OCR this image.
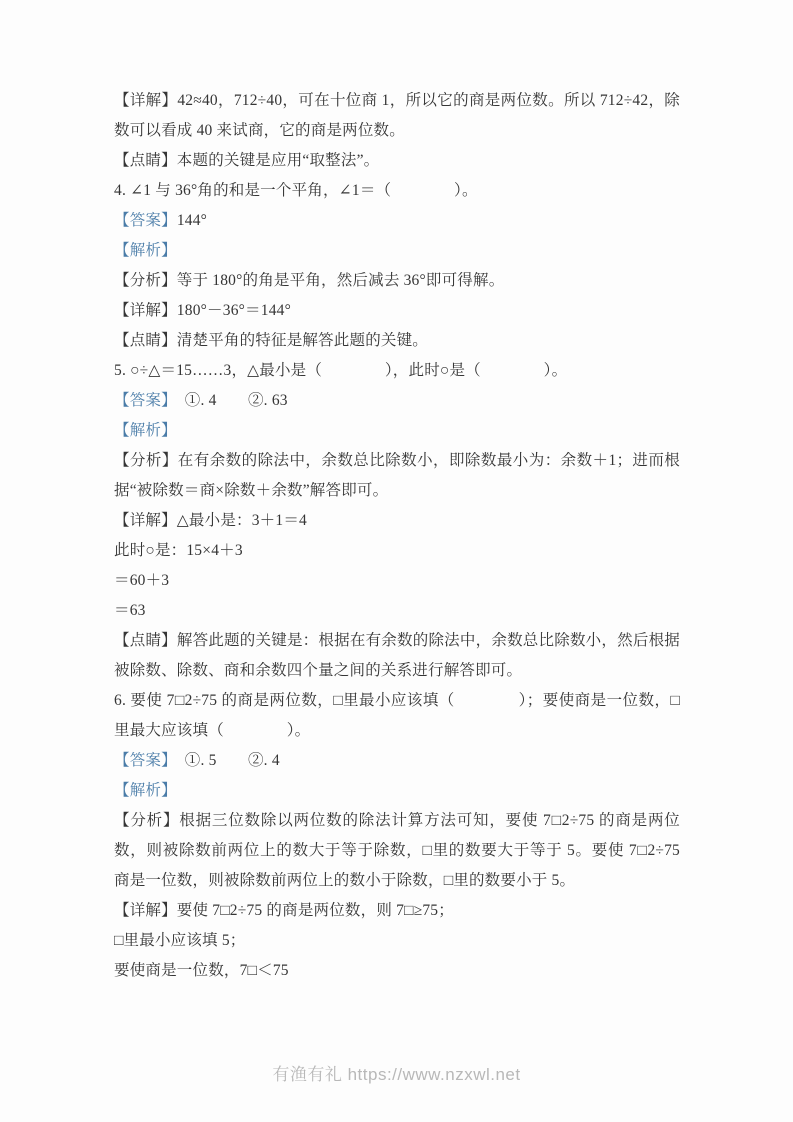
【详解】42≈40，712÷40，可在十位商 1，所以它的商是两位数。所以 712÷42，除数可以看成 40 来试商，它的商是两位数。

【点睛】本题的关键是应用“取整法”。

4. ∠1 与 36°角的和是一个平角，∠1＝（　　　　）。

【答案】144°

【解析】

【分析】等于 180°的角是平角，然后减去 36°即可得解。

【详解】180°－36°＝144°

【点睛】清楚平角的特征是解答此题的关键。

5. ○÷△＝15……3，△最小是（　　　　），此时○是（　　　　）。

【答案】　①. 4　　②. 63

【解析】

【分析】在有余数的除法中，余数总比除数小，即除数最小为：余数＋1；进而根据“被除数＝商×除数＋余数”解答即可。

【详解】△最小是：3＋1＝4

此时○是：15×4＋3

＝60＋3

＝63

【点睛】解答此题的关键是：根据在有余数的除法中，余数总比除数小，然后根据被除数、除数、商和余数四个量之间的关系进行解答即可。

6. 要使 7□2÷75 的商是两位数，□里最小应该填（　　　　）；要使商是一位数，□里最大应该填（　　　　）。

【答案】　①. 5　　②. 4

【解析】

【分析】根据三位数除以两位数的除法计算方法可知，要使 7□2÷75 的商是两位数，则被除数前两位上的数大于等于除数，□里的数要大于等于 5。要使 7□2÷75 商是一位数，则被除数前两位上的数小于除数，□里的数要小于 5。

【详解】要使 7□2÷75 的商是两位数，则 7□≥75；

□里最小应该填 5；

要使商是一位数，7□＜75

有渔有礼 https://www.nzxwl.net
